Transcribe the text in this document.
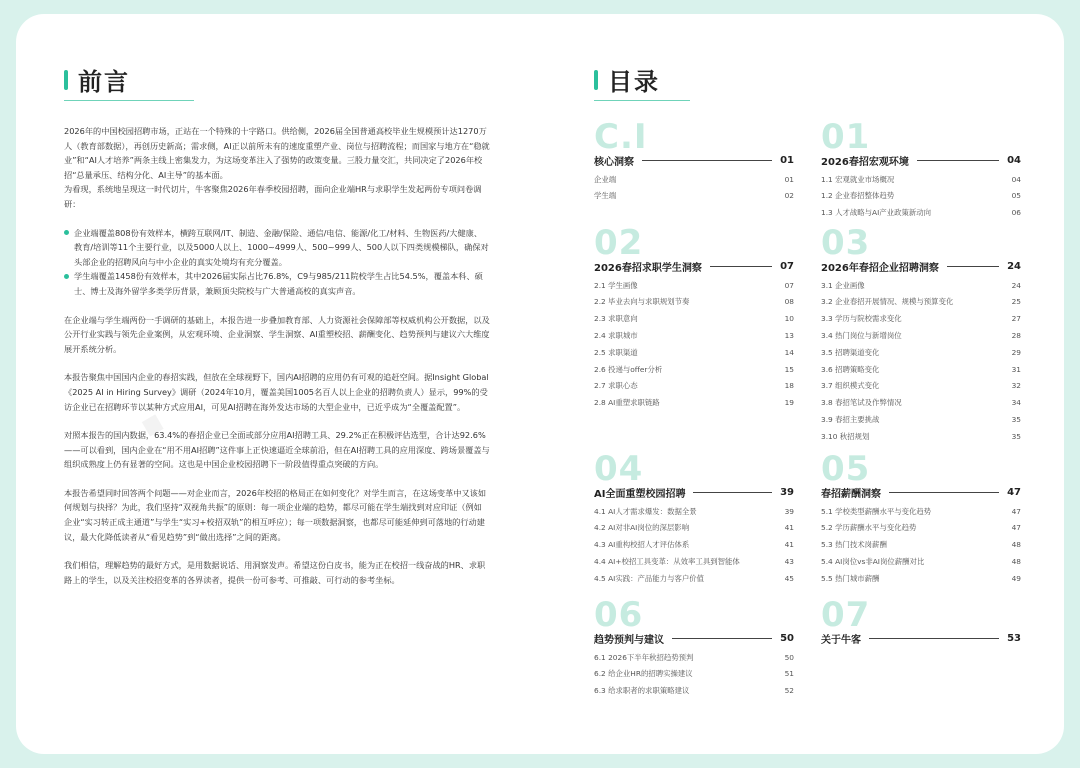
·
前言

2026年的中国校园招聘市场，正站在一个特殊的十字路口。供给侧，2026届全国普通高校毕业生规模预计达1270万人（教育部数据），再创历史新高；需求侧，AI正以前所未有的速度重塑产业、岗位与招聘流程；而国家与地方在“稳就业”和“AI人才培养”两条主线上密集发力，为这场变革注入了强势的政策变量。三股力量交汇，共同决定了2026年校招“总量承压、结构分化、AI主导”的基本面。

为看现，系统地呈现这一时代切片，牛客聚焦2026年春季校园招聘，面向企业端HR与求职学生发起两份专项问卷调研：

企业端覆盖808份有效样本，横跨互联网/IT、制造、金融/保险、通信/电信、能源/化工/材料、生物医药/大健康、教育/培训等11个主要行业，以及5000人以上、1000~4999人、500~999人、500人以下四类规模梯队，确保对头部企业的招聘风向与中小企业的真实处境均有充分覆盖。
学生端覆盖1458份有效样本，其中2026届实际占比76.8%，C9与985/211院校学生占比54.5%，覆盖本科、硕士、博士及海外留学多类学历背景，兼顾顶尖院校与广大普通高校的真实声音。

在企业端与学生端两份一手调研的基础上，本报告进一步叠加教育部、人力资源社会保障部等权威机构公开数据，以及公开行业实践与领先企业案例，从宏观环境、企业洞察、学生洞察、AI重塑校招、薪酬变化、趋势预判与建议六大维度展开系统分析。

本报告聚焦中国国内企业的春招实践，但放在全球视野下，国内AI招聘的应用仍有可观的追赶空间。据Insight Global《2025 AI in Hiring Survey》调研（2024年10月，覆盖美国1005名百人以上企业的招聘负责人）显示，99%的受访企业已在招聘环节以某种方式应用AI，可见AI招聘在海外发达市场的大型企业中，已近乎成为“全覆盖配置”。

对照本报告的国内数据，63.4%的春招企业已全面或部分应用AI招聘工具、29.2%正在积极评估选型，合计达92.6%——可以看到，国内企业在“用不用AI招聘”这件事上正快速逼近全球前沿，但在AI招聘工具的应用深度、跨场景覆盖与组织成熟度上仍有显著的空间。这也是中国企业校园招聘下一阶段值得重点突破的方向。

本报告希望同时回答两个问题——对企业而言，2026年校招的格局正在如何变化？对学生而言，在这场变革中又该如何规划与抉择？为此，我们坚持“双视角共振”的原则：每一项企业端的趋势，都尽可能在学生端找到对应印证（例如企业“实习转正成主通道”与学生“实习+校招双轨”的相互呼应）；每一项数据洞察，也都尽可能延伸到可落地的行动建议，最大化降低读者从“看见趋势”到“做出选择”之间的距离。

我们相信，理解趋势的最好方式，是用数据说话、用洞察发声。希望这份白皮书，能为正在校招一线奋战的HR、求职路上的学生，以及关注校招变革的各界读者，提供一份可参考、可推敲、可行动的参考坐标。

目录
C.I
核心洞察	01
企业端	01
学生端	02
01
2026春招宏观环境	04
1.1 宏观就业市场概况	04
1.2 企业春招整体趋势	05
1.3 人才战略与AI产业政策新动向	06
02
2026春招求职学生洞察	07
2.1 学生画像	07
2.2 毕业去向与求职规划节奏	08
2.3 求职意向	10
2.4 求职城市	13
2.5 求职渠道	14
2.6 投递与offer分析	15
2.7 求职心态	18
2.8 AI重塑求职链路	19
03
2026年春招企业招聘洞察	24
3.1 企业画像	24
3.2 企业春招开展情况、规模与预算变化	25
3.3 学历与院校需求变化	27
3.4 热门岗位与新增岗位	28
3.5 招聘渠道变化	29
3.6 招聘策略变化	31
3.7 组织模式变化	32
3.8 春招笔试及作弊情况	34
3.9 春招主要挑战	35
3.10 秋招规划	35
04
AI全面重塑校园招聘	39
4.1 AI人才需求爆发：数据全景	39
4.2 AI对非AI岗位的深层影响	41
4.3 AI重构校招人才评估体系	41
4.4 AI+校招工具变革：从效率工具到智能体	43
4.5 AI实践：产品能力与客户价值	45
05
春招薪酬洞察	47
5.1 学校类型薪酬水平与变化趋势	47
5.2 学历薪酬水平与变化趋势	47
5.3 热门技术岗薪酬	48
5.4 AI岗位vs非AI岗位薪酬对比	48
5.5 热门城市薪酬	49
06
趋势预判与建议	50
6.1 2026下半年秋招趋势预判	50
6.2 给企业HR的招聘实操建议	51
6.3 给求职者的求职策略建议	52
07
关于牛客	53
